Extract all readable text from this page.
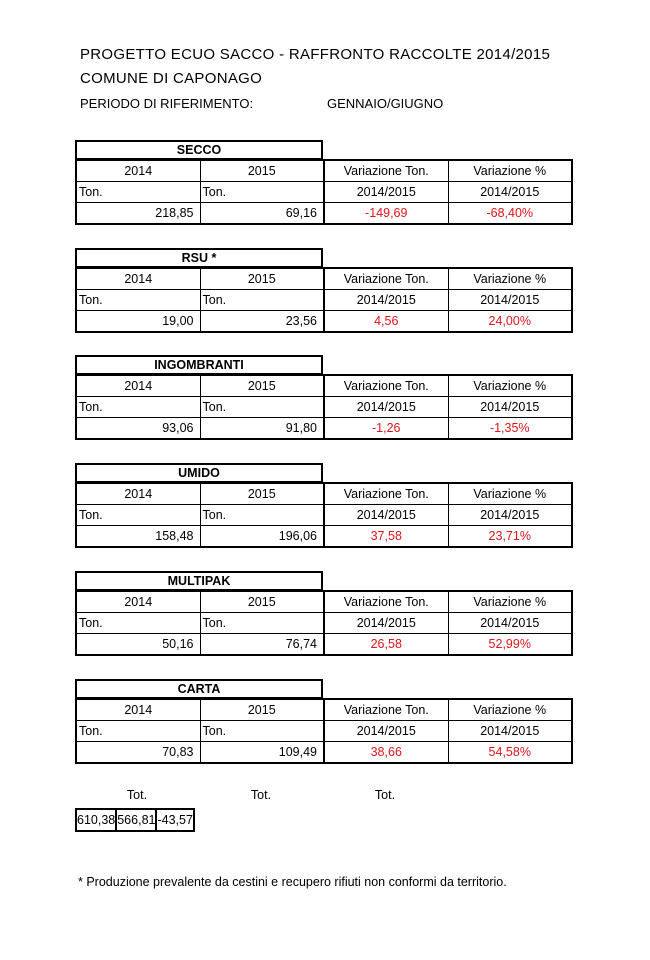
PROGETTO ECUO SACCO - RAFFRONTO RACCOLTE 2014/2015
COMUNE DI CAPONAGO
PERIODO DI RIFERIMENTO:	GENNAIO/GIUGNO
SECCO
2014	2015	Variazione Ton.	Variazione %
Ton.	Ton.	2014/2015	2014/2015
218,85	69,16	-149,69	-68,40%
RSU *
2014	2015	Variazione Ton.	Variazione %
Ton.	Ton.	2014/2015	2014/2015
19,00	23,56	4,56	24,00%
INGOMBRANTI
2014	2015	Variazione Ton.	Variazione %
Ton.	Ton.	2014/2015	2014/2015
93,06	91,80	-1,26	-1,35%
UMIDO
2014	2015	Variazione Ton.	Variazione %
Ton.	Ton.	2014/2015	2014/2015
158,48	196,06	37,58	23,71%
MULTIPAK
2014	2015	Variazione Ton.	Variazione %
Ton.	Ton.	2014/2015	2014/2015
50,16	76,74	26,58	52,99%
CARTA
2014	2015	Variazione Ton.	Variazione %
Ton.	Ton.	2014/2015	2014/2015
70,83	109,49	38,66	54,58%
Tot.	Tot.	Tot.
610,38	566,81	-43,57
* Produzione prevalente da cestini e recupero rifiuti non conformi da territorio.
